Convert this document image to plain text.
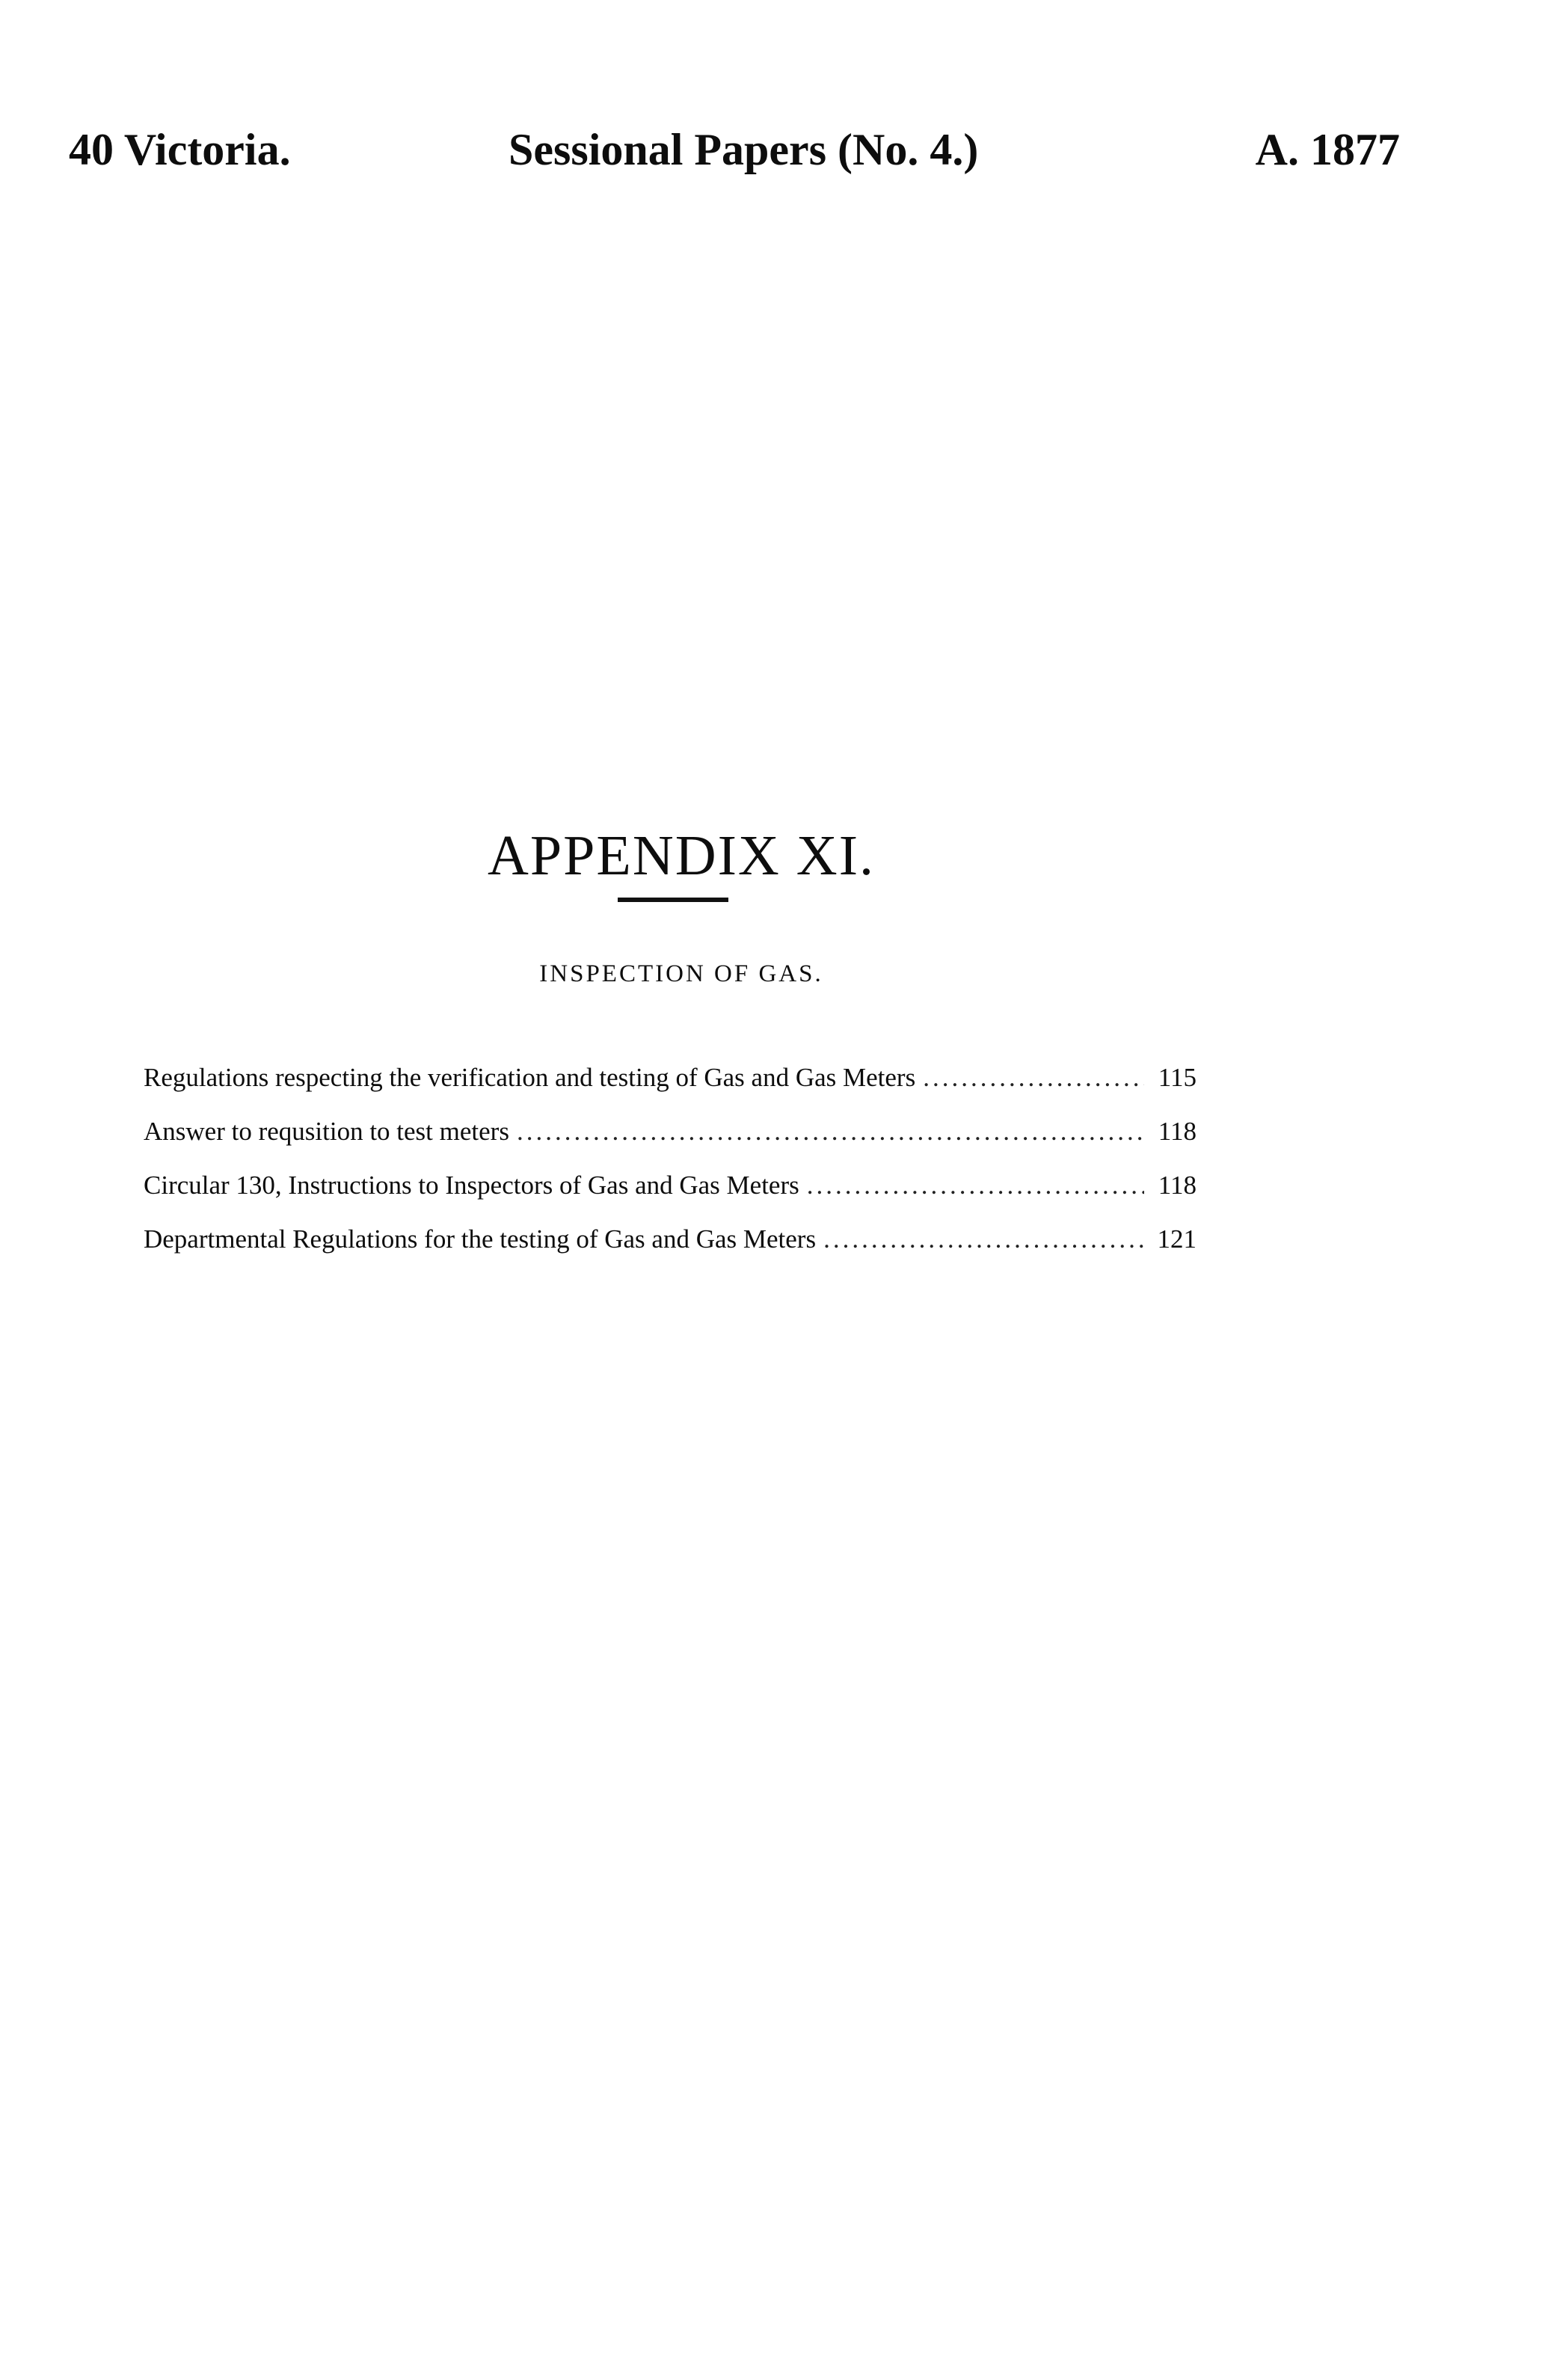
40 Victoria.	Sessional Papers (No. 4.)	A. 1877
APPENDIX XI.
INSPECTION OF GAS.
Regulations respecting the verification and testing of Gas and Gas Meters .....	115
Answer to requsition to test meters .....	118
Circular 130, Instructions to Inspectors of Gas and Gas Meters .....	118
Departmental Regulations for the testing of Gas and Gas Meters .....	121
